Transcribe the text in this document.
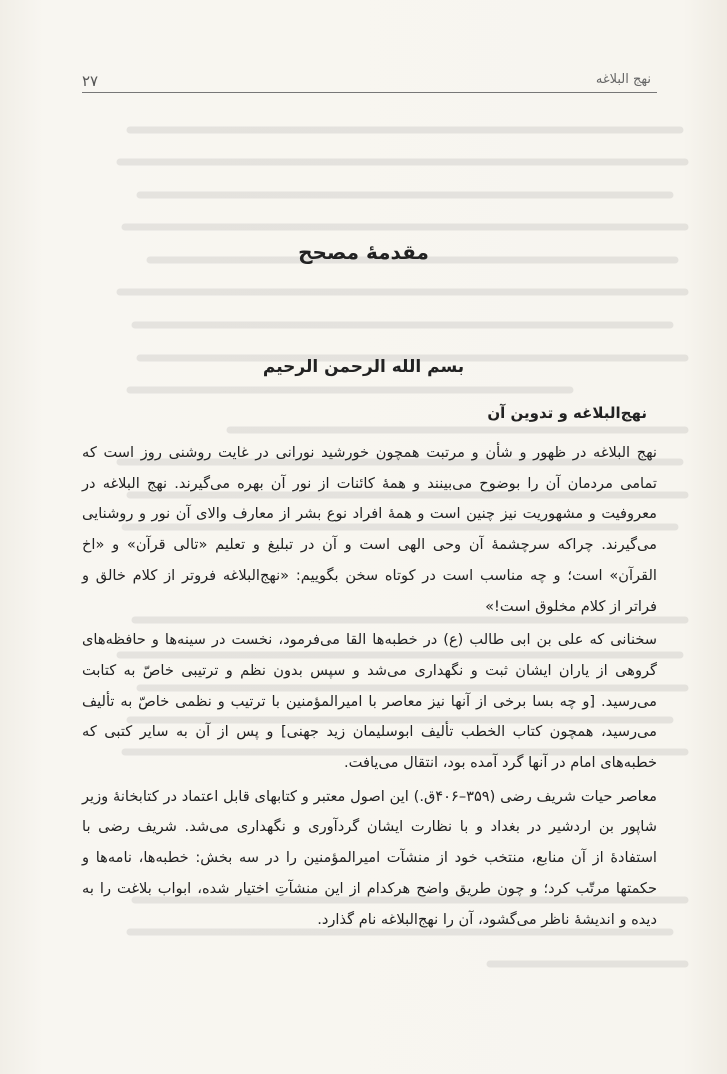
۲۷	نهج البلاغه
مقدمهٔ مصحح
بسم الله الرحمن الرحیم
نهج‌البلاغه و تدوین آن

نهج البلاغه در ظهور و شأن و مرتبت همچون خورشید نورانی در غایت روشنی روز است که تمامی مردمان آن را بوضوح می‌بینند و همهٔ کائنات از نور آن بهره می‌گیرند. نهج البلاغه در معروفیت و مشهوریت نیز چنین است و همهٔ افراد نوع بشر از معارف والای آن نور و روشنایی می‌گیرند. چراکه سرچشمهٔ آن وحی الهی است و آن در تبلیغ و تعلیم «تالی قرآن» و «اخ القرآن» است؛ و چه مناسب است در کوتاه سخن بگوییم: «نهج‌البلاغه فروتر از کلام خالق و فراتر از کلام مخلوق است!»

سخنانی که علی بن ابی طالب (ع) در خطبه‌ها القا می‌فرمود، نخست در سینه‌ها و حافظه‌های گروهی از یاران ایشان ثبت و نگهداری می‌شد و سپس بدون نظم و ترتیبی خاصّ به کتابت می‌رسید. [و چه بسا برخی از آنها نیز معاصر با امیرالمؤمنین با ترتیب و نظمی خاصّ به تألیف می‌رسید، همچون کتاب الخطب تألیف ابوسلیمان زید جهنی] و پس از آن به سایر کتبی که خطبه‌های امام در آنها گرد آمده بود، انتقال می‌یافت.

معاصر حیات شریف رضی (۳۵۹–۴۰۶ق.) این اصول معتبر و کتابهای قابل اعتماد در کتابخانهٔ وزیر شاپور بن اردشیر در بغداد و با نظارت ایشان گردآوری و نگهداری می‌شد. شریف رضی با استفادهٔ از آن منابع، منتخب خود از منشآت امیرالمؤمنین را در سه بخش: خطبه‌ها، نامه‌ها و حکمتها مرتّب کرد؛ و چون طریق واضح هرکدام از این منشآتِ اختیار شده، ابواب بلاغت را به دیده و اندیشهٔ ناظر می‌گشود، آن را نهج‌البلاغه نام گذارد.
